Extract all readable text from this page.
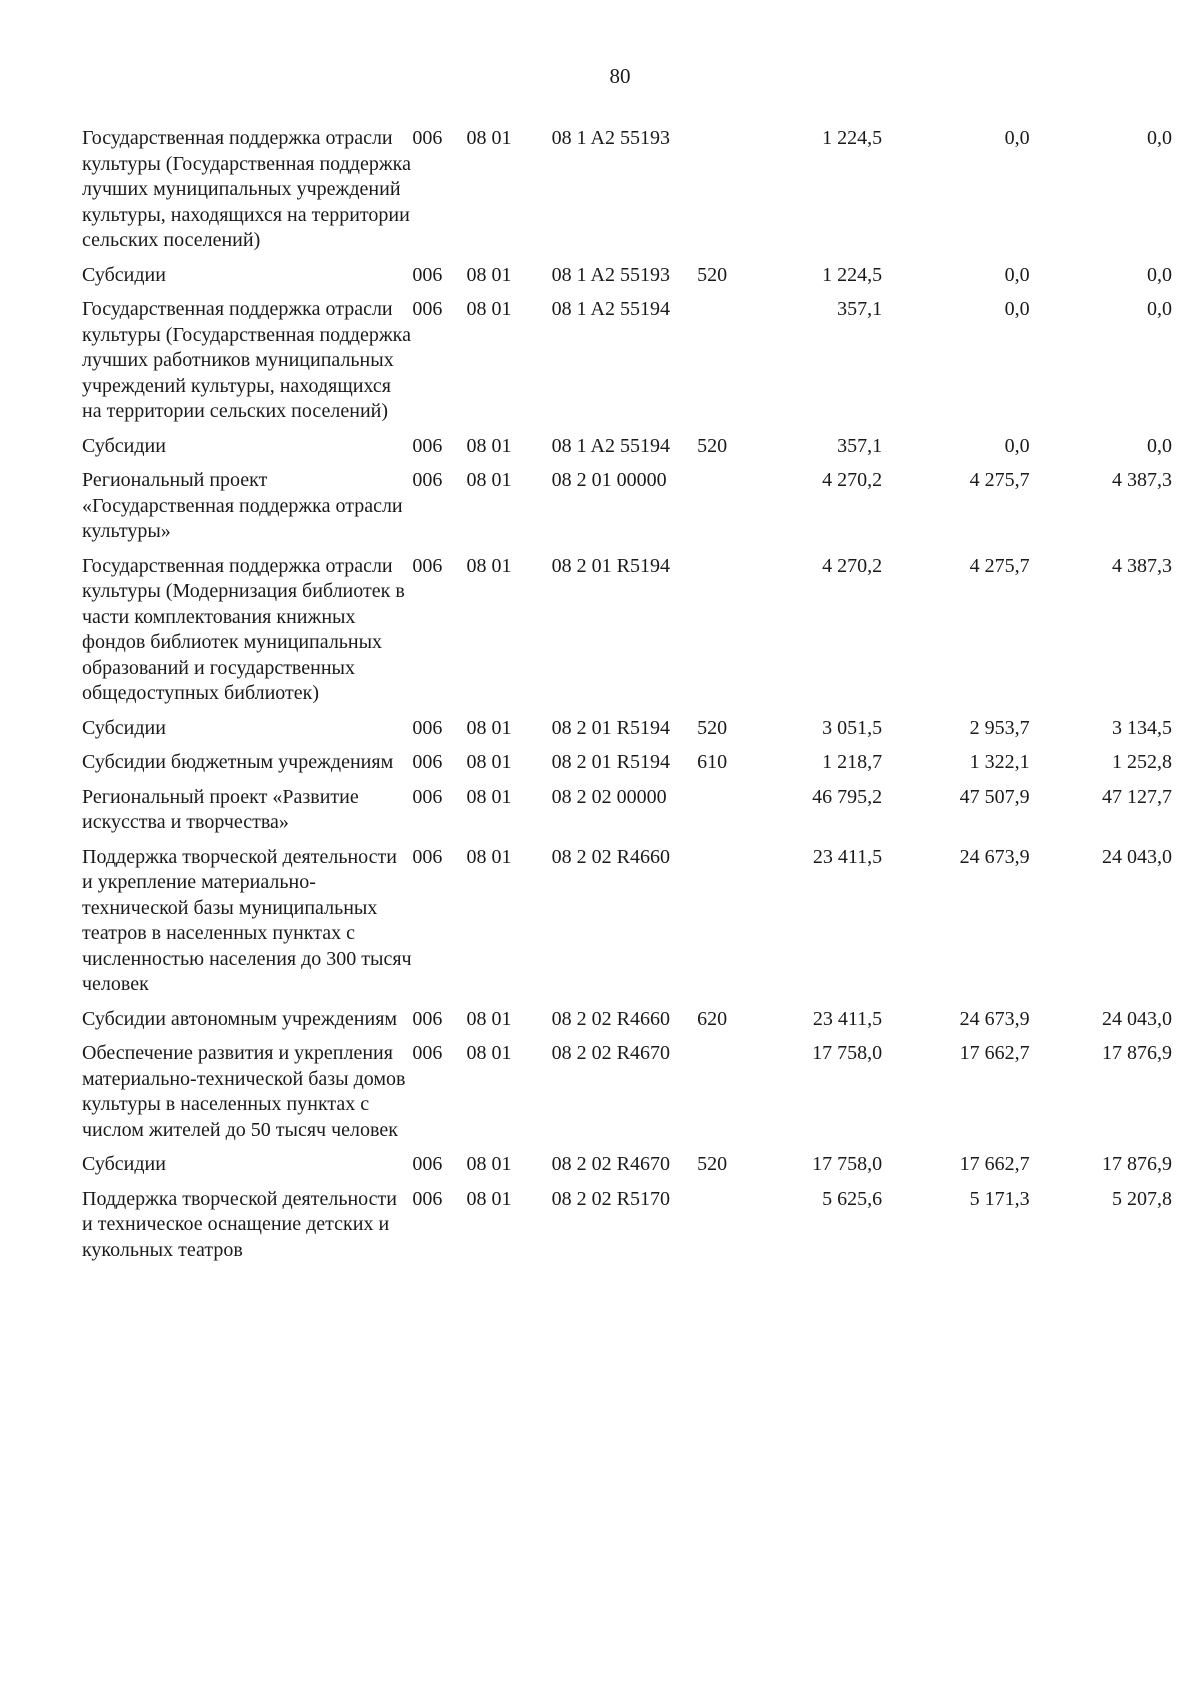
80
Государственная поддержка отрасли культуры (Государственная поддержка лучших муниципальных учреждений культуры, находящихся на территории сельских поселений)	006	08 01	08 1 A2 55193		1 224,5	0,0	0,0
Субсидии	006	08 01	08 1 A2 55193	520	1 224,5	0,0	0,0
Государственная поддержка отрасли культуры (Государственная поддержка лучших работников муниципальных учреждений культуры, находящихся на территории сельских поселений)	006	08 01	08 1 A2 55194		357,1	0,0	0,0
Субсидии	006	08 01	08 1 A2 55194	520	357,1	0,0	0,0
Региональный проект «Государственная поддержка отрасли культуры»	006	08 01	08 2 01 00000		4 270,2	4 275,7	4 387,3
Государственная поддержка отрасли культуры (Модернизация библиотек в части комплектования книжных фондов библиотек муниципальных образований и государственных общедоступных библиотек)	006	08 01	08 2 01 R5194		4 270,2	4 275,7	4 387,3
Субсидии	006	08 01	08 2 01 R5194	520	3 051,5	2 953,7	3 134,5
Субсидии бюджетным учреждениям	006	08 01	08 2 01 R5194	610	1 218,7	1 322,1	1 252,8
Региональный проект «Развитие искусства и творчества»	006	08 01	08 2 02 00000		46 795,2	47 507,9	47 127,7
Поддержка творческой деятельности и укрепление материально-технической базы муниципальных театров в населенных пунктах с численностью населения до 300 тысяч человек	006	08 01	08 2 02 R4660		23 411,5	24 673,9	24 043,0
Субсидии автономным учреждениям	006	08 01	08 2 02 R4660	620	23 411,5	24 673,9	24 043,0
Обеспечение развития и укрепления материально-технической базы домов культуры в населенных пунктах с числом жителей до 50 тысяч человек	006	08 01	08 2 02 R4670		17 758,0	17 662,7	17 876,9
Субсидии	006	08 01	08 2 02 R4670	520	17 758,0	17 662,7	17 876,9
Поддержка творческой деятельности и техническое оснащение детских и кукольных театров	006	08 01	08 2 02 R5170		5 625,6	5 171,3	5 207,8
